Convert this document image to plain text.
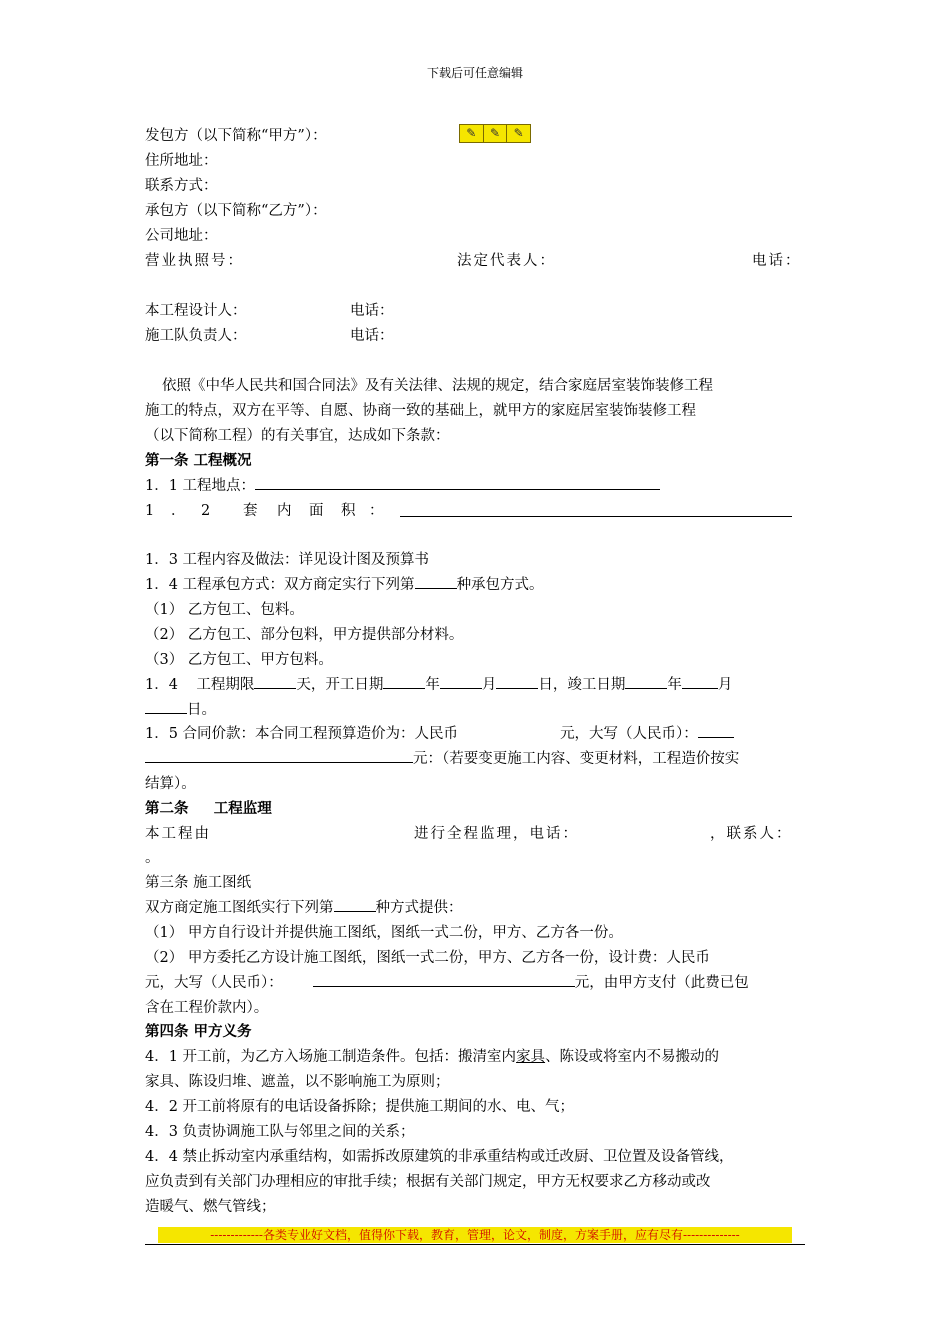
下载后可任意编辑
✎	✎	✎
发包方（以下简称“甲方”）：
住所地址：
联系方式：
承包方（以下简称“乙方”）：
公司地址：
营业执照号：	法定代表人：	电话：
本工程设计人：	电话：
施工队负责人：	电话：
依照《中华人民共和国合同法》及有关法律、法规的规定，结合家庭居室装饰装修工程
施工的特点，双方在平等、自愿、协商一致的基础上，就甲方的家庭居室装饰装修工程
（以下简称工程）的有关事宜，达成如下条款：
第一条 工程概况
1．1 工程地点：
1 ． 2 套 内 面 积 ：
1．3 工程内容及做法：详见设计图及预算书
1．4 工程承包方式：双方商定实行下列第	种承包方式。
（1） 乙方包工、包料。
（2） 乙方包工、部分包料，甲方提供部分材料。
（3） 乙方包工、甲方包料。
1．4 工程期限	天，开工日期	年	月	日，竣工日期	年 月
日。
1．5 合同价款：本合同工程预算造价为：人民币	元，大写（人民币）：
元：（若要变更施工内容、变更材料，工程造价按实
结算）。
第二条 工程监理
本工程由	进行全程监理，电话：	，联系人：
。
第三条 施工图纸
双方商定施工图纸实行下列第	种方式提供：
（1） 甲方自行设计并提供施工图纸，图纸一式二份，甲方、乙方各一份。
（2） 甲方委托乙方设计施工图纸，图纸一式二份，甲方、乙方各一份，设计费：人民币
元，大写（人民币）：	元，由甲方支付（此费已包
含在工程价款内）。
第四条 甲方义务
4．1 开工前，为乙方入场施工制造条件。包括：搬清室内家具、陈设或将室内不易搬动的
家具、陈设归堆、遮盖，以不影响施工为原则；
4．2 开工前将原有的电话设备拆除；提供施工期间的水、电、气；
4．3 负责协调施工队与邻里之间的关系；
4．4 禁止拆动室内承重结构，如需拆改原建筑的非承重结构或迁改厨、卫位置及设备管线，
应负责到有关部门办理相应的审批手续；根据有关部门规定，甲方无权要求乙方移动或改
造暖气、燃气管线；
-------------各类专业好文档，值得你下载，教育，管理，论文，制度，方案手册，应有尽有--------------
